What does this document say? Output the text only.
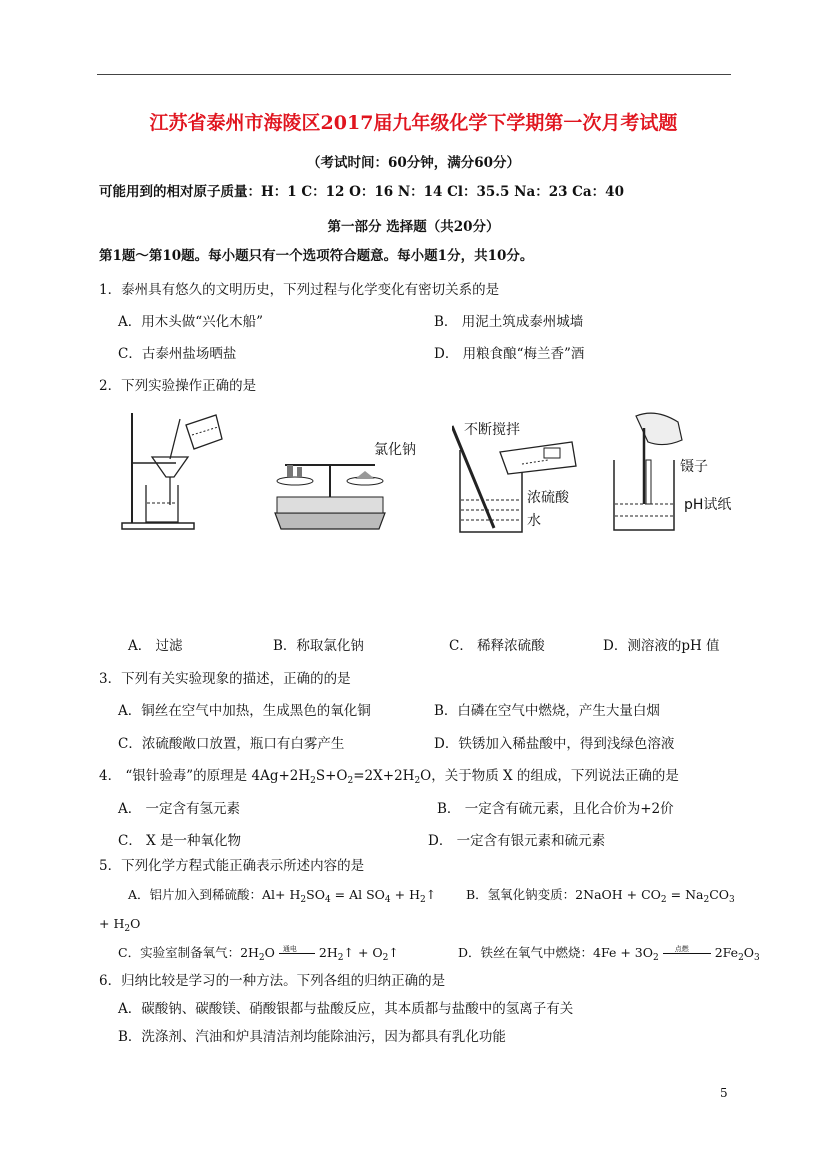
江苏省泰州市海陵区2017届九年级化学下学期第一次月考试题
（考试时间：60分钟，满分60分）
可能用到的相对原子质量：H：1 C：12 O：16 N：14 Cl：35.5 Na：23 Ca：40
第一部分 选择题（共20分）
第1题～第10题。每小题只有一个选项符合题意。每小题1分，共10分。
1．泰州具有悠久的文明历史，下列过程与化学变化有密切关系的是
A．用木头做“兴化木船”	B． 用泥土筑成泰州城墙
C．古泰州盐场晒盐	D． 用粮食酿“梅兰香”酒
2．下列实验操作正确的是
氯化钠
不断搅拌
浓硫酸
水
镊子
pH试纸
A． 过滤	B．称取氯化钠	C． 稀释浓硫酸	D．测溶液的pH 值
3．下列有关实验现象的描述，正确的的是
A．铜丝在空气中加热，生成黑色的氧化铜	B．白磷在空气中燃烧，产生大量白烟
C．浓硫酸敞口放置，瓶口有白雾产生	D．铁锈加入稀盐酸中，得到浅绿色溶液
4． “银针验毒”的原理是 $4Ag+2H_2S+O_2=2X+2H_2O$，关于物质 X 的组成，下列说法正确的是
A． 一定含有氢元素	B． 一定含有硫元素，且化合价为+2价
C． X 是一种氧化物	D． 一定含有银元素和硫元素
5．下列化学方程式能正确表示所述内容的是
A．铝片加入到稀硫酸：$Al+ H_2SO_4 = Al$ $SO_4$ + $H_2↑$ B．氢氧化钠变质：2NaOH + $CO_2 = Na_2CO_3$
+ $H_2O$
C．实验室制备氧气：$2H_2O$ 通电 $2H_2↑$ + $O_2↑$	D．铁丝在氧气中燃烧：$4Fe + 3O_2$
点燃 $2Fe_2O_3$
6．归纳比较是学习的一种方法。下列各组的归纳正确的是
A．碳酸钠、碳酸镁、硝酸银都与盐酸反应，其本质都与盐酸中的氢离子有关
B．洗涤剂、汽油和炉具清洁剂均能除油污，因为都具有乳化功能
5
